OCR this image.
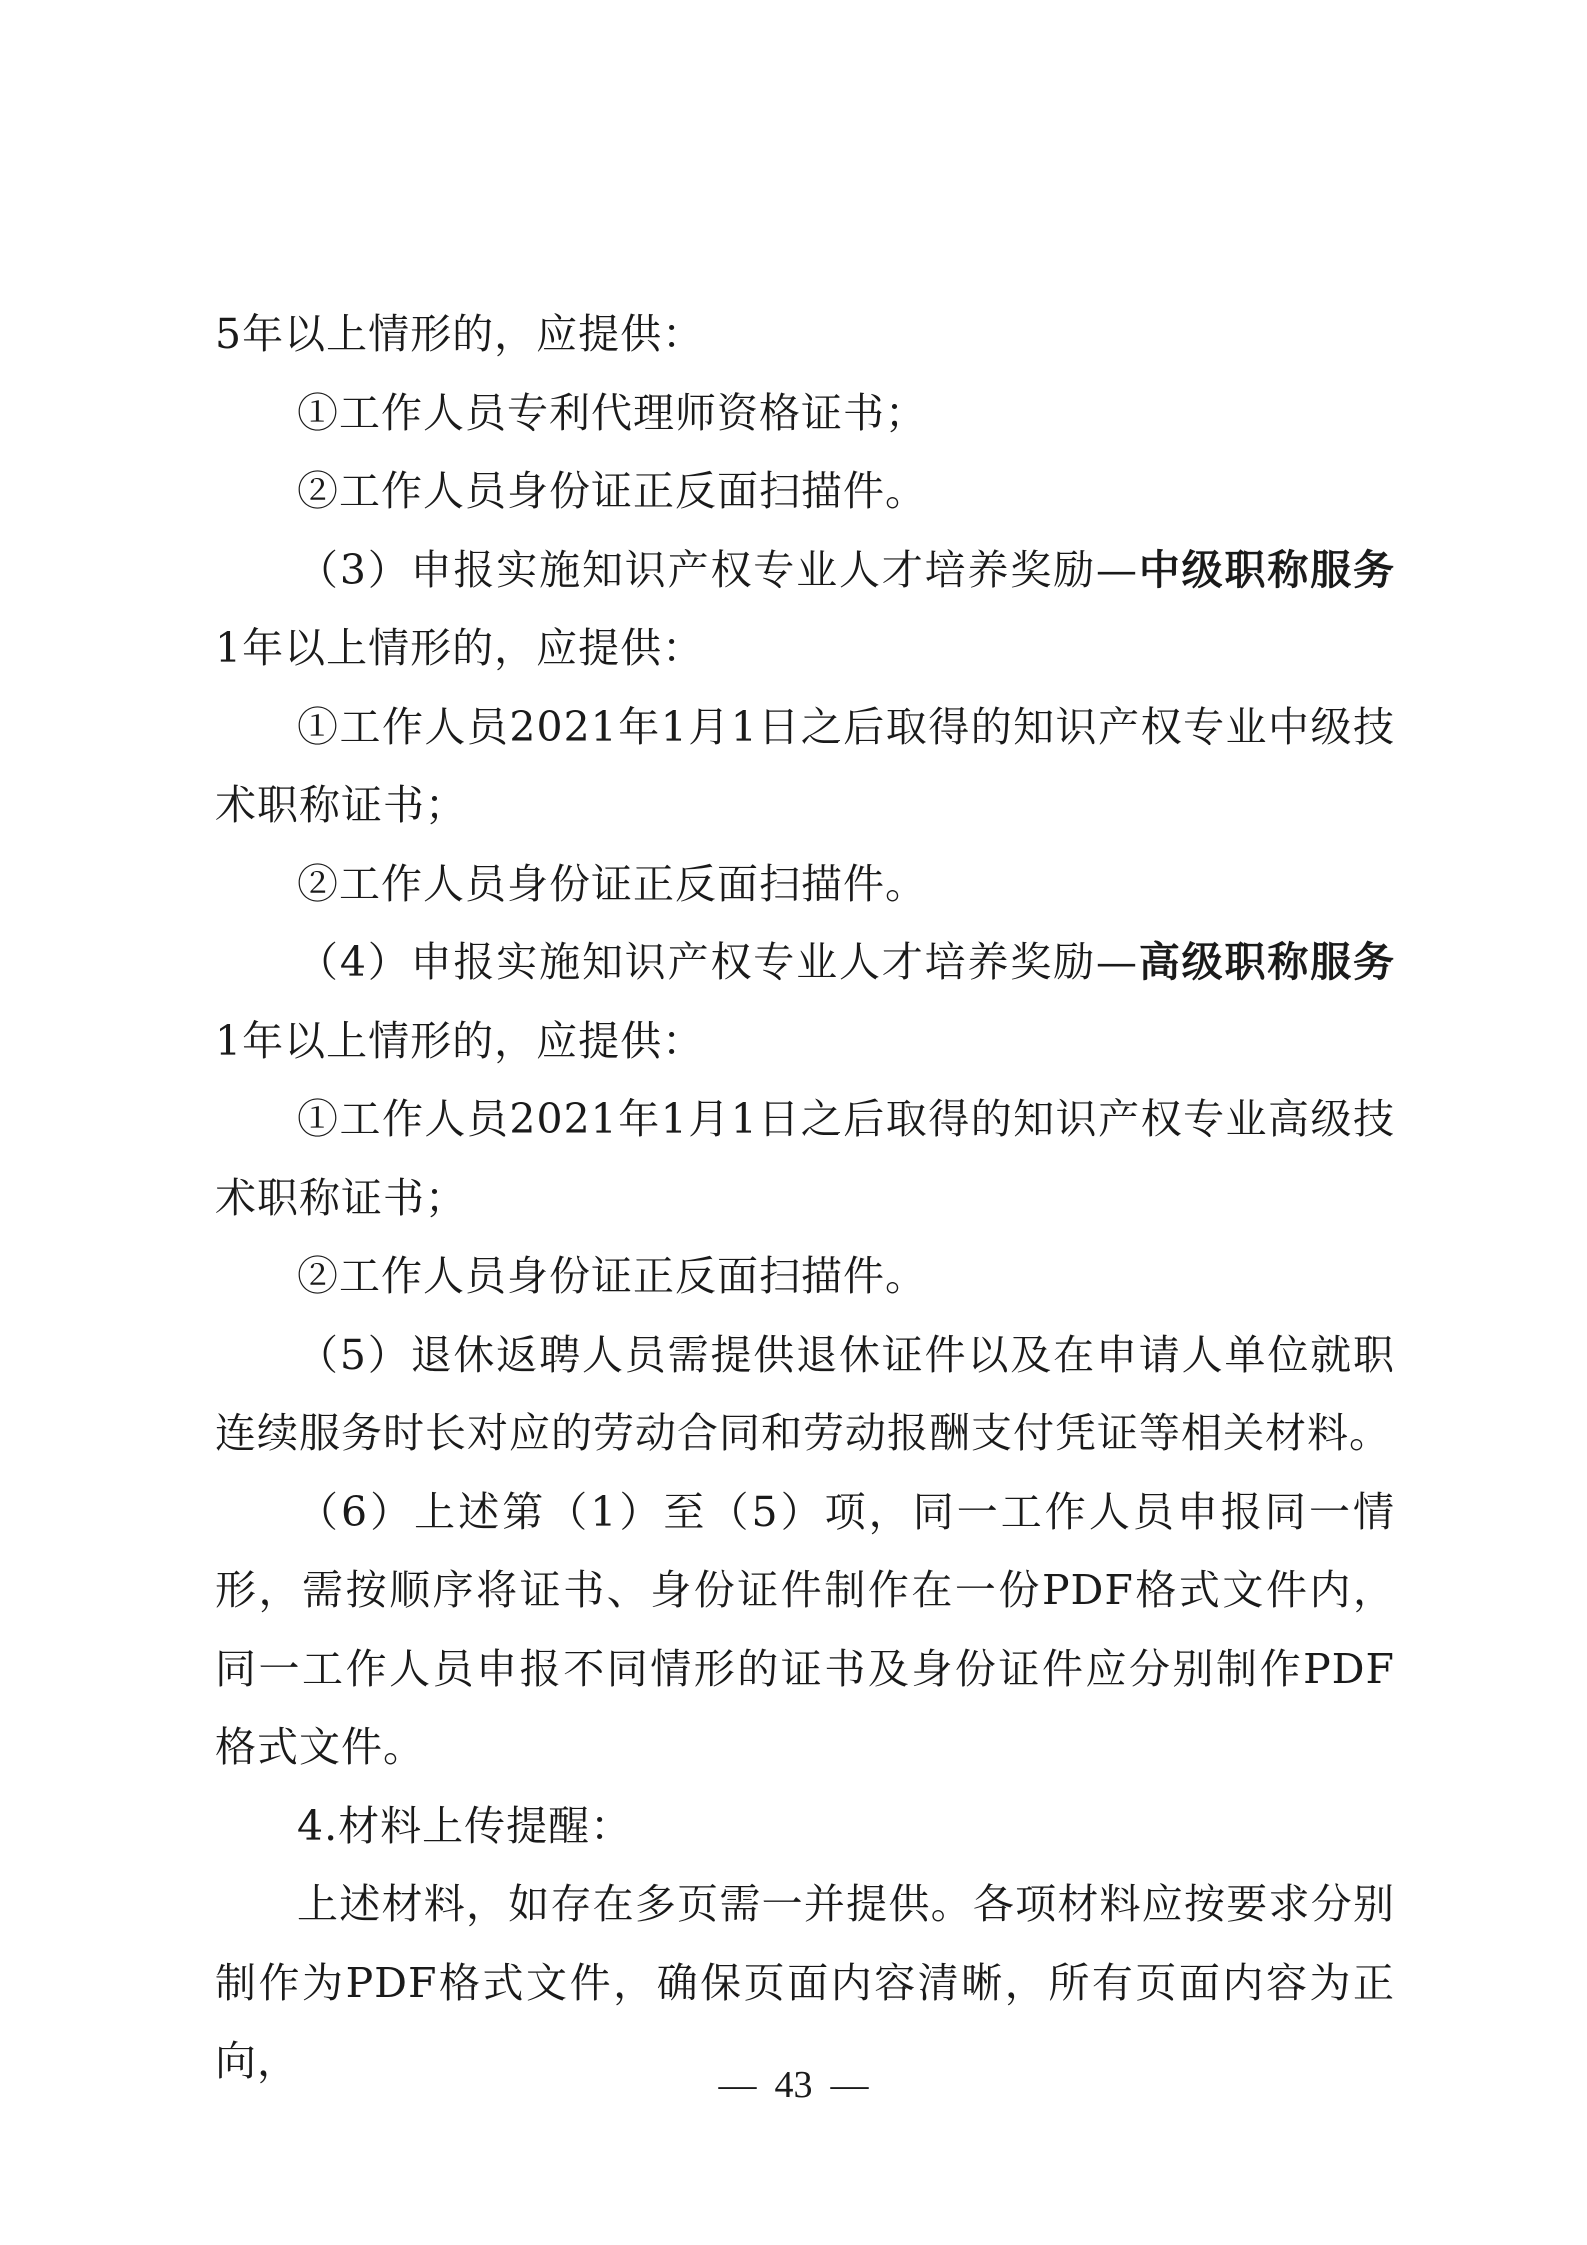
5年以上情形的，应提供：

①工作人员专利代理师资格证书；

②工作人员身份证正反面扫描件。

（3）申报实施知识产权专业人才培养奖励—中级职称服务1年以上情形的，应提供：

①工作人员2021年1月1日之后取得的知识产权专业中级技术职称证书；

②工作人员身份证正反面扫描件。

（4）申报实施知识产权专业人才培养奖励—高级职称服务1年以上情形的，应提供：

①工作人员2021年1月1日之后取得的知识产权专业高级技术职称证书；

②工作人员身份证正反面扫描件。

（5）退休返聘人员需提供退休证件以及在申请人单位就职连续服务时长对应的劳动合同和劳动报酬支付凭证等相关材料。

（6）上述第（1）至（5）项，同一工作人员申报同一情形，需按顺序将证书、身份证件制作在一份PDF格式文件内，同一工作人员申报不同情形的证书及身份证件应分别制作PDF格式文件。

4.材料上传提醒：

上述材料，如存在多页需一并提供。各项材料应按要求分别制作为PDF格式文件，确保页面内容清晰，所有页面内容为正向，	— 43 —
